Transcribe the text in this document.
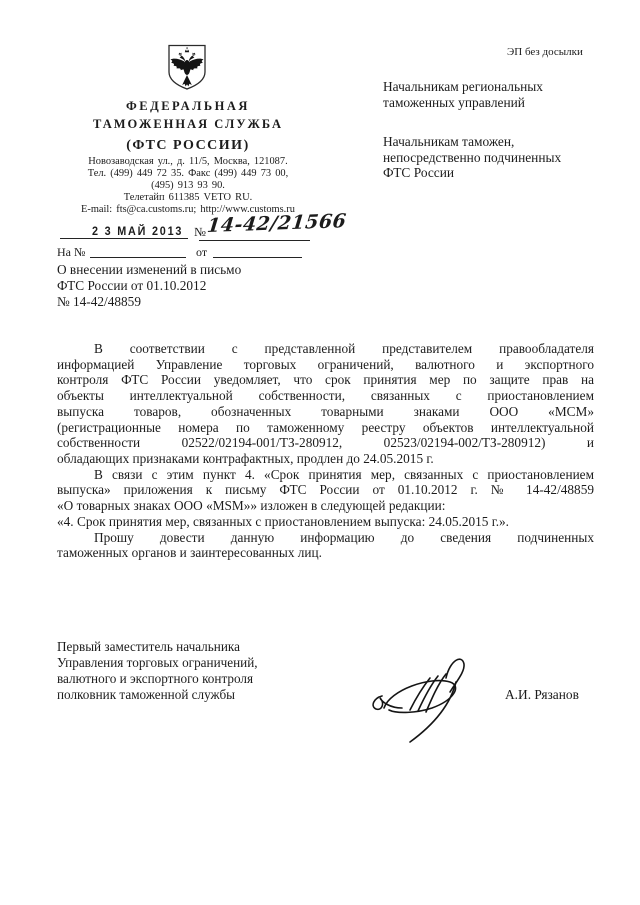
ЭП без досылки
ФЕДЕРАЛЬНАЯ
ТАМОЖЕННАЯ СЛУЖБА
(ФТС РОССИИ)
Новозаводская ул., д. 11/5, Москва, 121087.
Тел. (499) 449 72 35. Факс (499) 449 73 00,
(495) 913 93 90.
Телетайп 611385 VETO RU.
E-mail: fts@ca.customs.ru; http://www.customs.ru
Начальникам региональных
таможенных управлений
Начальникам таможен,
непосредственно подчиненных
ФТС России
2 3 МАЙ 2013 № 14-42/21566
На №	от
О внесении изменений в письмо
ФТС России от 01.10.2012
№ 14-42/48859
В соответствии с представленной представителем правообладателя
информацией Управление торговых ограничений, валютного и экспортного
контроля ФТС России уведомляет, что срок принятия мер по защите прав на
объекты интеллектуальной собственности, связанных с приостановлением
выпуска товаров, обозначенных товарными знаками ООО «МСМ»
(регистрационные номера по таможенному реестру объектов интеллектуальной
собственности 02522/02194-001/ТЗ-280912, 02523/02194-002/ТЗ-280912) и
обладающих признаками контрафактных, продлен до 24.05.2015 г.
В связи с этим пункт 4. «Срок принятия мер, связанных с приостановлением
выпуска» приложения к письму ФТС России от 01.10.2012 г. № 14-42/48859
«О товарных знаках ООО «MSM»» изложен в следующей редакции:
«4. Срок принятия мер, связанных с приостановлением выпуска: 24.05.2015 г.».
Прошу довести данную информацию до сведения подчиненных
таможенных органов и заинтересованных лиц.
Первый заместитель начальника
Управления торговых ограничений,
валютного и экспортного контроля
полковник таможенной службы	А.И. Рязанов
